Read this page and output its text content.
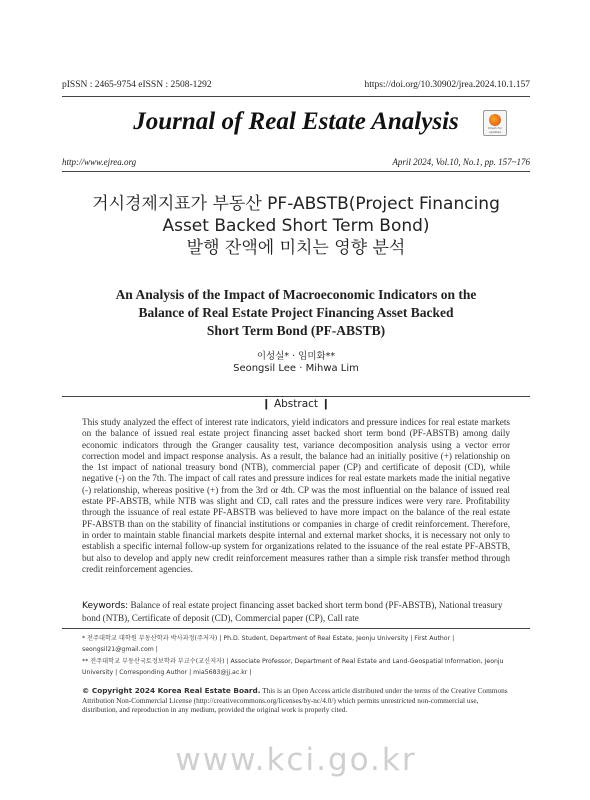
pISSN : 2465-9754 eISSN : 2508-1292	https://doi.org/10.30902/jrea.2024.10.1.157
Journal of Real Estate Analysis	Check for updates
http://www.ejrea.org	April 2024, Vol.10, No.1, pp. 157~176
거시경제지표가 부동산 PF-ABSTB(Project Financing
Asset Backed Short Term Bond)
발행 잔액에 미치는 영향 분석
An Analysis of the Impact of Macroeconomic Indicators on the
Balance of Real Estate Project Financing Asset Backed
Short Term Bond (PF-ABSTB)
이성실* · 임미화**
Seongsil Lee · Mihwa Lim
❙ Abstract ❙
This study analyzed the effect of interest rate indicators, yield indicators and pressure indices for real estate markets on the balance of issued real estate project financing asset backed short term bond (PF-ABSTB) among daily economic indicators through the Granger causality test, variance decomposition analysis using a vector error correction model and impact response analysis. As a result, the balance had an initially positive (+) relationship on the 1st impact of national treasury bond (NTB), commercial paper (CP) and certificate of deposit (CD), while negative (-) on the 7th. The impact of call rates and pressure indices for real estate markets made the initial negative (-) relationship, whereas positive (+) from the 3rd or 4th. CP was the most influential on the balance of issued real estate PF-ABSTB, while NTB was slight and CD, call rates and the pressure indices were very rare. Profitability through the issuance of real estate PF-ABSTB was believed to have more impact on the balance of the real estate PF-ABSTB than on the stability of financial institutions or companies in charge of credit reinforcement. Therefore, in order to maintain stable financial markets despite internal and external market shocks, it is necessary not only to establish a specific internal follow-up system for organizations related to the issuance of the real estate PF-ABSTB, but also to develop and apply new credit reinforcement measures rather than a simple risk transfer method through credit reinforcement agencies.
Keywords: Balance of real estate project financing asset backed short term bond (PF-ABSTB), National treasury bond (NTB), Certificate of deposit (CD), Commercial paper (CP), Call rate
* 전주대학교 대학원 부동산학과 박사과정(주저자) | Ph.D. Student, Department of Real Estate, Jeonju University | First Author |
seongsil21@gmail.com |
** 전주대학교 부동산국토정보학과 부교수(교신저자) | Associate Professor, Department of Real Estate and Land-Geospatial Information, Jeonju
University | Corresponding Author | mia5683@jj.ac.kr |
© Copyright 2024 Korea Real Estate Board. This is an Open Access article distributed under the terms of the Creative Commons Attribution Non-Commercial License (http://creativecommons.org/licenses/by-nc/4.0/) which permits unrestricted non-commercial use, distribution, and reproduction in any medium, provided the original work is properly cited.
www.kci.go.kr
